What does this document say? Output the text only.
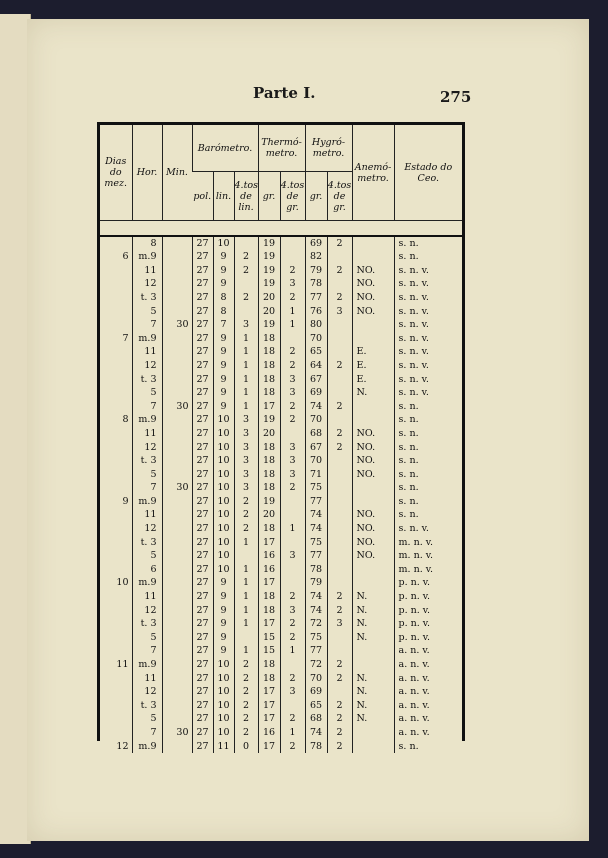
Parte I.	275
Dias do mez.	Hor.	Min.	Barómetro.			Thermó-metro.		Hygró-metro.		Anemó-metro.	Estado do Ceo.
			pol.	lin.	4.tos de lin.	gr.	4.tos de gr.	gr.	4.tos de gr.		

	8		27	10		19		69	2		s. n.
6	m.9		27	9	2	19		82			s. n.
	11		27	9	2	19	2	79	2	NO.	s. n. v.
	12		27	9		19	3	78		NO.	s. n. v.
	t. 3		27	8	2	20	2	77	2	NO.	s. n. v.
	5		27	8		20	1	76	3	NO.	s. n. v.
	7	30	27	7	3	19	1	80			s. n. v.
7	m.9		27	9	1	18		70			s. n. v.
	11		27	9	1	18	2	65		E.	s. n. v.
	12		27	9	1	18	2	64	2	E.	s. n. v.
	t. 3		27	9	1	18	3	67		E.	s. n. v.
	5		27	9	1	18	3	69		N.	s. n. v.
	7	30	27	9	1	17	2	74	2		s. n.
8	m.9		27	10	3	19	2	70			s. n.
	11		27	10	3	20		68	2	NO.	s. n.
	12		27	10	3	18	3	67	2	NO.	s. n.
	t. 3		27	10	3	18	3	70		NO.	s. n.
	5		27	10	3	18	3	71		NO.	s. n.
	7	30	27	10	3	18	2	75			s. n.
9	m.9		27	10	2	19		77			s. n.
	11		27	10	2	20		74		NO.	s. n.
	12		27	10	2	18	1	74		NO.	s. n. v.
	t. 3		27	10	1	17		75		NO.	m. n. v.
	5		27	10		16	3	77		NO.	m. n. v.
	6		27	10	1	16		78			m. n. v.
10	m.9		27	9	1	17		79			p. n. v.
	11		27	9	1	18	2	74	2	N.	p. n. v.
	12		27	9	1	18	3	74	2	N.	p. n. v.
	t. 3		27	9	1	17	2	72	3	N.	p. n. v.
	5		27	9		15	2	75		N.	p. n. v.
	7		27	9	1	15	1	77			a. n. v.
11	m.9		27	10	2	18		72	2		a. n. v.
	11		27	10	2	18	2	70	2	N.	a. n. v.
	12		27	10	2	17	3	69		N.	a. n. v.
	t. 3		27	10	2	17		65	2	N.	a. n. v.
	5		27	10	2	17	2	68	2	N.	a. n. v.
	7	30	27	10	2	16	1	74	2		a. n. v.
12	m.9		27	11	0	17	2	78	2		s. n.
